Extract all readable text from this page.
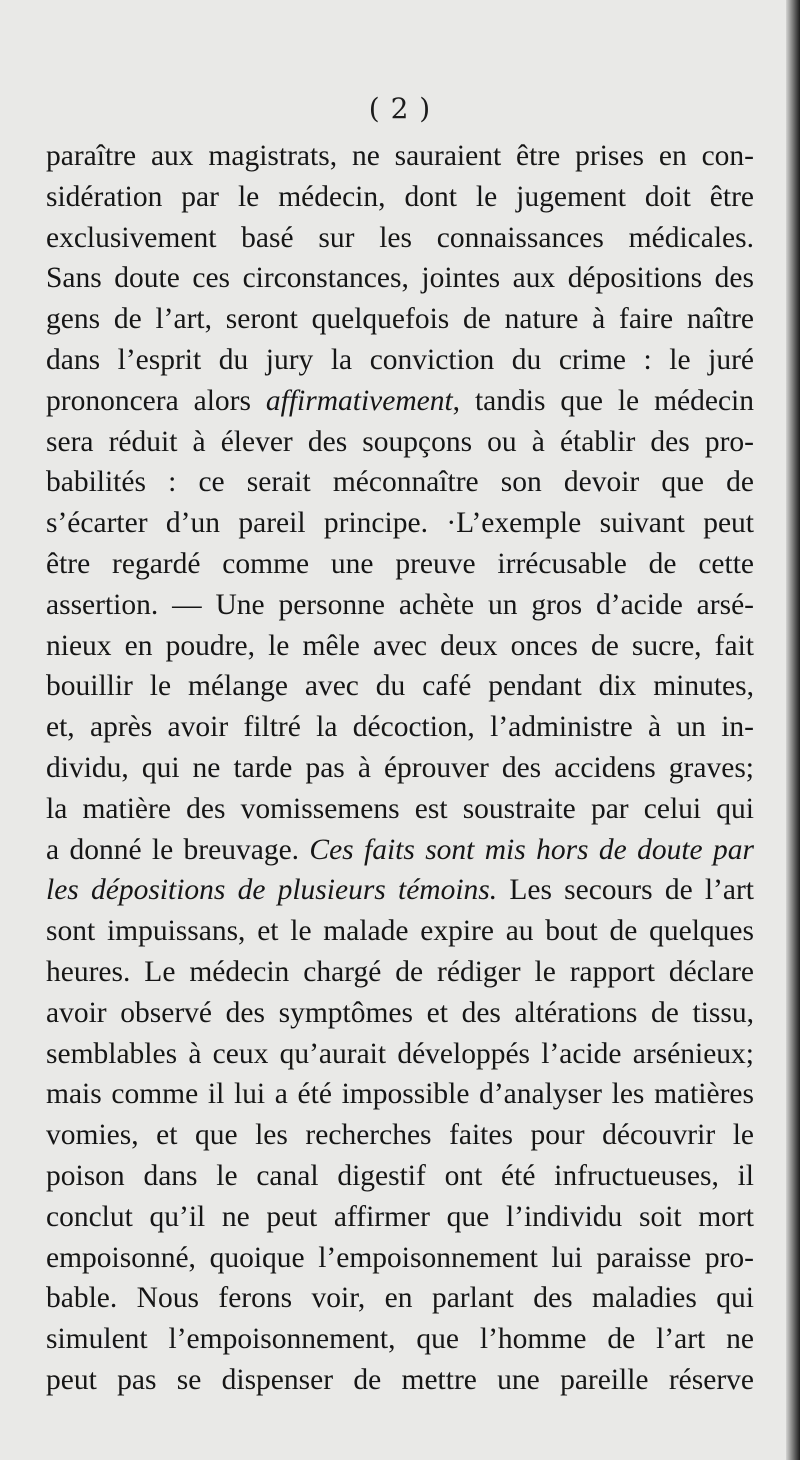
( 2 )
paraître aux magistrats, ne sauraient être prises en con-
sidération par le médecin, dont le jugement doit être
exclusivement basé sur les connaissances médicales.
Sans doute ces circonstances, jointes aux dépositions des
gens de l’art, seront quelquefois de nature à faire naître
dans l’esprit du jury la conviction du crime : le juré
prononcera alors affirmativement, tandis que le médecin
sera réduit à élever des soupçons ou à établir des pro-
babilités : ce serait méconnaître son devoir que de
s’écarter d’un pareil principe. ·L’exemple suivant peut
être regardé comme une preuve irrécusable de cette
assertion. — Une personne achète un gros d’acide arsé-
nieux en poudre, le mêle avec deux onces de sucre, fait
bouillir le mélange avec du café pendant dix minutes,
et, après avoir filtré la décoction, l’administre à un in-
dividu, qui ne tarde pas à éprouver des accidens graves;
la matière des vomissemens est soustraite par celui qui
a donné le breuvage. Ces faits sont mis hors de doute par
les dépositions de plusieurs témoins. Les secours de l’art
sont impuissans, et le malade expire au bout de quelques
heures. Le médecin chargé de rédiger le rapport déclare
avoir observé des symptômes et des altérations de tissu,
semblables à ceux qu’aurait développés l’acide arsénieux;
mais comme il lui a été impossible d’analyser les matières
vomies, et que les recherches faites pour découvrir le
poison dans le canal digestif ont été infructueuses, il
conclut qu’il ne peut affirmer que l’individu soit mort
empoisonné, quoique l’empoisonnement lui paraisse pro-
bable. Nous ferons voir, en parlant des maladies qui
simulent l’empoisonnement, que l’homme de l’art ne
peut pas se dispenser de mettre une pareille réserve
